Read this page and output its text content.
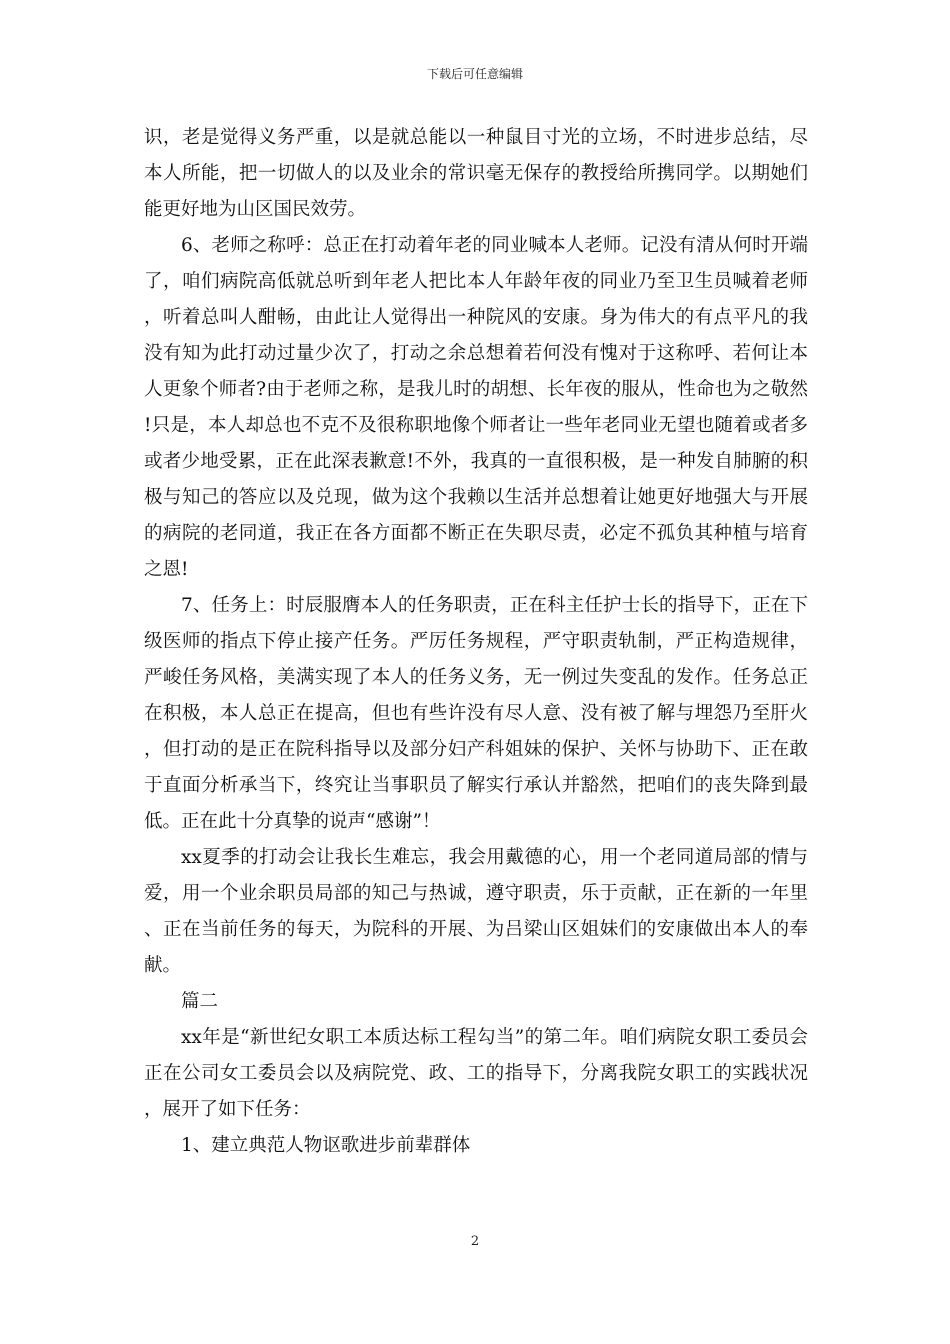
下载后可任意编辑

识，老是觉得义务严重，以是就总能以一种鼠目寸光的立场，不时进步总结，尽本人所能，把一切做人的以及业余的常识毫无保存的教授给所携同学。以期她们能更好地为山区国民效劳。

6、老师之称呼：总正在打动着年老的同业喊本人老师。记没有清从何时开端了，咱们病院高低就总听到年老人把比本人年龄年夜的同业乃至卫生员喊着老师，听着总叫人酣畅，由此让人觉得出一种院风的安康。身为伟大的有点平凡的我没有知为此打动过量少次了，打动之余总想着若何没有愧对于这称呼、若何让本人更象个师者?由于老师之称，是我儿时的胡想、长年夜的服从，性命也为之敬然!只是，本人却总也不克不及很称职地像个师者让一些年老同业无望也随着或者多或者少地受累，正在此深表歉意!不外，我真的一直很积极，是一种发自肺腑的积极与知己的答应以及兑现，做为这个我赖以生活并总想着让她更好地强大与开展的病院的老同道，我正在各方面都不断正在失职尽责，必定不孤负其种植与培育之恩!

7、任务上：时辰服膺本人的任务职责，正在科主任护士长的指导下，正在下级医师的指点下停止接产任务。严厉任务规程，严守职责轨制，严正构造规律，严峻任务风格，美满实现了本人的任务义务，无一例过失变乱的发作。任务总正在积极，本人总正在提高，但也有些许没有尽人意、没有被了解与埋怨乃至肝火，但打动的是正在院科指导以及部分妇产科姐妹的保护、关怀与协助下、正在敢于直面分析承当下，终究让当事职员了解实行承认并豁然，把咱们的丧失降到最低。正在此十分真挚的说声“感谢”！

xx夏季的打动会让我长生难忘，我会用戴德的心，用一个老同道局部的情与爱，用一个业余职员局部的知己与热诚，遵守职责，乐于贡献，正在新的一年里、正在当前任务的每天，为院科的开展、为吕梁山区姐妹们的安康做出本人的奉献。

篇二

xx年是“新世纪女职工本质达标工程勾当”的第二年。咱们病院女职工委员会正在公司女工委员会以及病院党、政、工的指导下，分离我院女职工的实践状况，展开了如下任务：

1、建立典范人物讴歌进步前辈群体

2
